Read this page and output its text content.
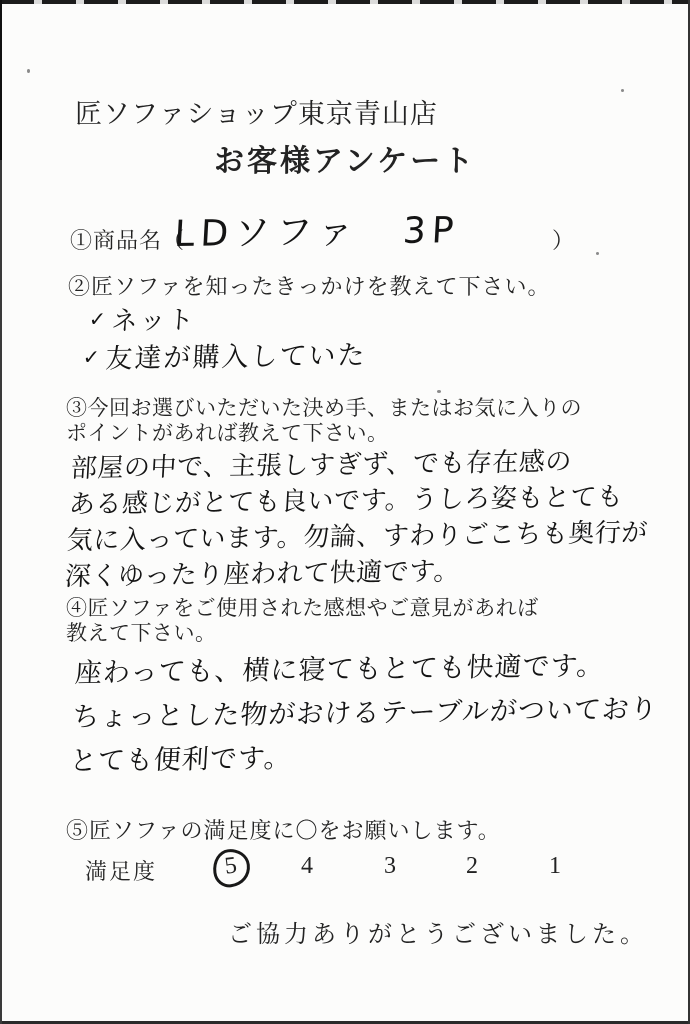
匠ソファショップ東京青山店
お客様アンケート
①商品名（
LDソファ 3P	）
②匠ソファを知ったきっかけを教えて下さい。
✓ネット
✓友達が購入していた
③今回お選びいただいた決め手、またはお気に入りの
ポイントがあれば教えて下さい。
部屋の中で、主張しすぎず、でも存在感の
ある感じがとても良いです。うしろ姿もとても
気に入っています。勿論、すわりごこちも奥行が
深くゆったり座われて快適です。
④匠ソファをご使用された感想やご意見があれば
教えて下さい。
座わっても、横に寝てもとても快適です。
ちょっとした物がおけるテーブルがついており
とても便利です。
⑤匠ソファの満足度に〇をお願いします。
満足度	5	4	3	2	1
ご協力ありがとうございました。
